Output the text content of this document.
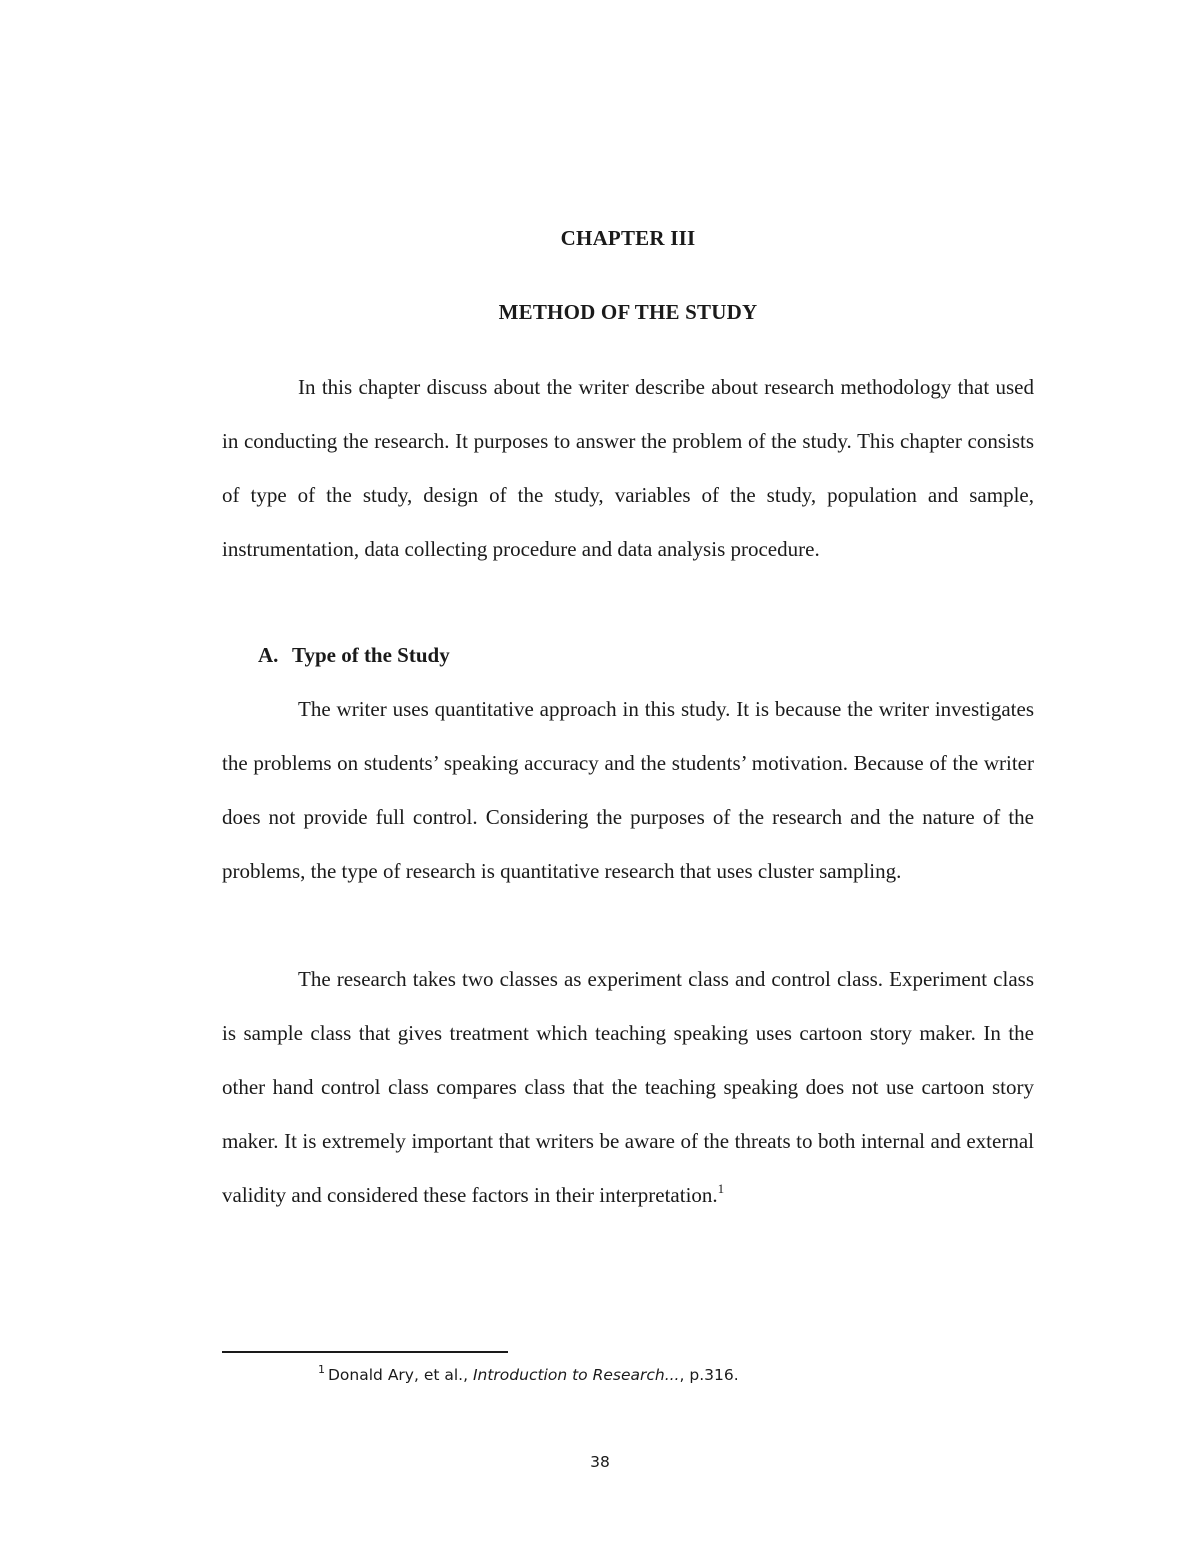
CHAPTER III
METHOD OF THE STUDY

In this chapter discuss about the writer describe about research methodology that used in conducting the research. It purposes to answer the problem of the study. This chapter consists of type of the study, design of the study, variables of the study, population and sample, instrumentation, data collecting procedure and data analysis procedure.

A. Type of the Study

The writer uses quantitative approach in this study. It is because the writer investigates the problems on students’ speaking accuracy and the students’ motivation. Because of the writer does not provide full control. Considering the purposes of the research and the nature of the problems, the type of research is quantitative research that uses cluster sampling.

The research takes two classes as experiment class and control class. Experiment class is sample class that gives treatment which teaching speaking uses cartoon story maker. In the other hand control class compares class that the teaching speaking does not use cartoon story maker. It is extremely important that writers be aware of the threats to both internal and external validity and considered these factors in their interpretation.$^1$

$^1$ Donald Ary, et al., Introduction to Research..., p.316.
38
